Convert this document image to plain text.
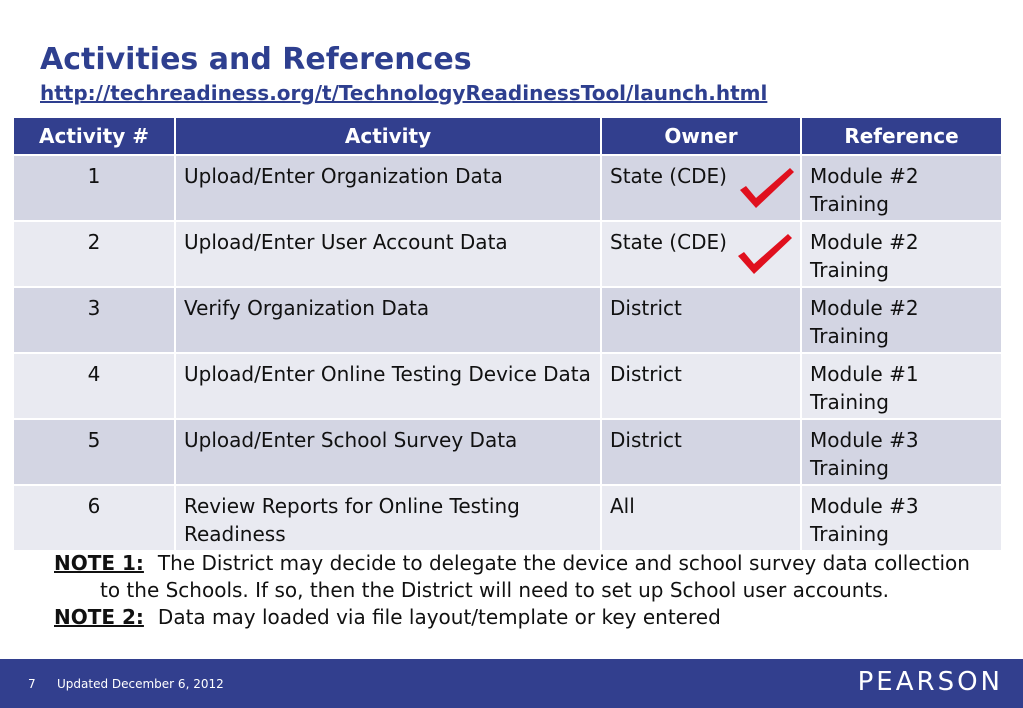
Activities and References
http://techreadiness.org/t/TechnologyReadinessTool/launch.html
Activity #	Activity	Owner	Reference
1	Upload/Enter Organization Data	State (CDE)	Module #2 Training
2	Upload/Enter User Account Data	State (CDE)	Module #2 Training
3	Verify Organization Data	District	Module #2 Training
4	Upload/Enter Online Testing Device Data	District	Module #1 Training
5	Upload/Enter School Survey Data	District	Module #3 Training
6	Review Reports for Online Testing Readiness	All	Module #3 Training
NOTE 1: The District may decide to delegate the device and school survey data collection to the Schools. If so, then the District will need to set up School user accounts.
NOTE 2: Data may loaded via file layout/template or key entered
7 Updated December 6, 2012	PEARSON
